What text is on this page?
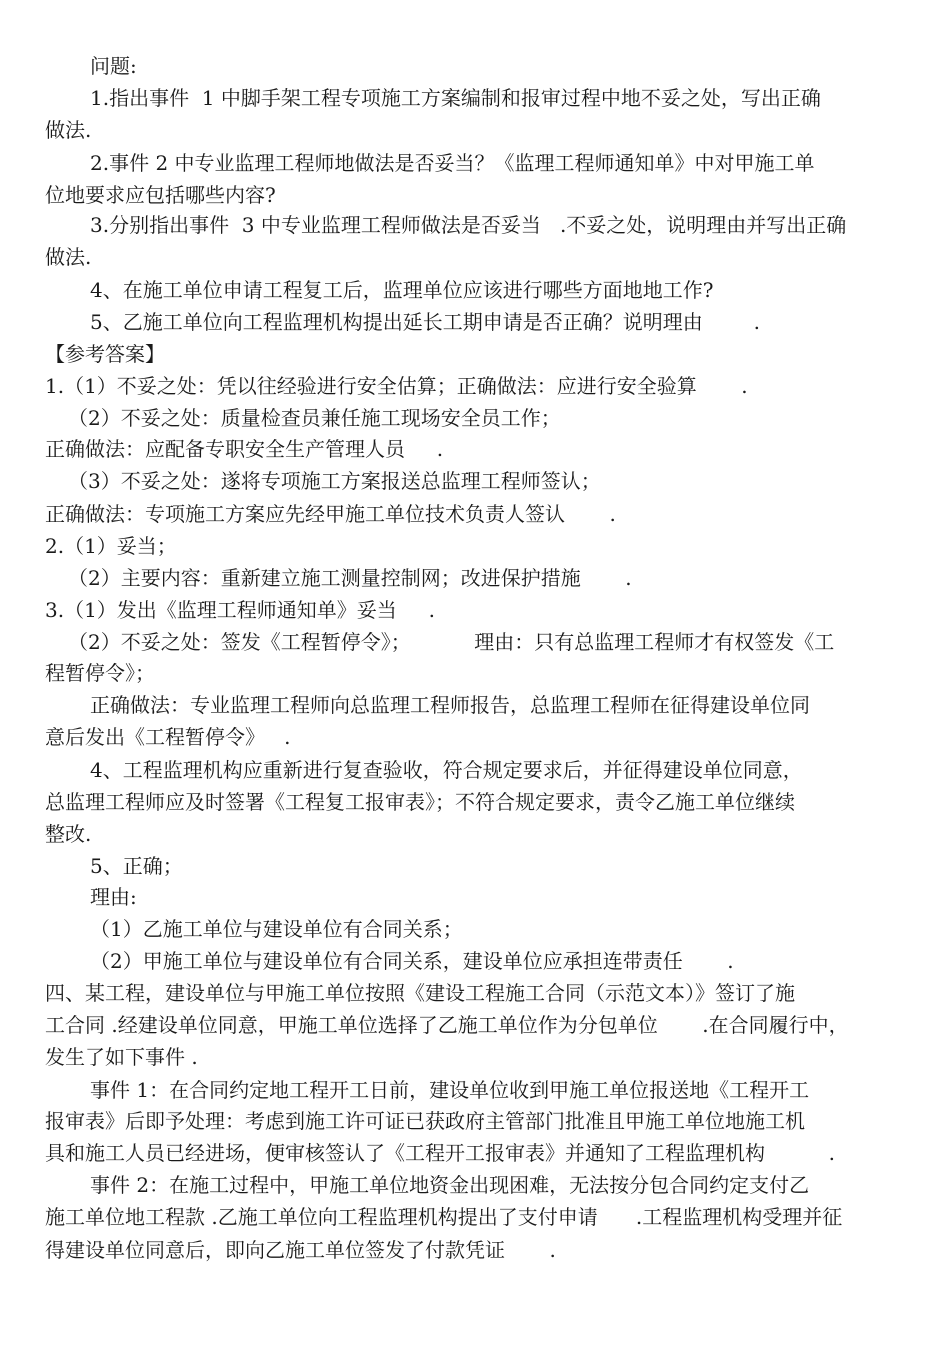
问题:
1.指出事件  1 中脚手架工程专项施工方案编制和报审过程中地不妥之处，写出正确
做法.
2.事件 2 中专业监理工程师地做法是否妥当？《监理工程师通知单》中对甲施工单
位地要求应包括哪些内容?
3.分别指出事件  3 中专业监理工程师做法是否妥当   .不妥之处，说明理由并写出正确
做法.
4、在施工单位申请工程复工后，监理单位应该进行哪些方面地地工作?
5、乙施工单位向工程监理机构提出延长工期申请是否正确？说明理由        .
【参考答案】
1.（1）不妥之处：凭以往经验进行安全估算；正确做法：应进行安全验算       .
（2）不妥之处：质量检查员兼任施工现场安全员工作；
正确做法：应配备专职安全生产管理人员     .
（3）不妥之处：遂将专项施工方案报送总监理工程师签认；
正确做法：专项施工方案应先经甲施工单位技术负责人签认       .
2.（1）妥当；
（2）主要内容：重新建立施工测量控制网；改进保护措施       .
3.（1）发出《监理工程师通知单》妥当     .
（2）不妥之处：签发《工程暂停令》；          理由：只有总监理工程师才有权签发《工
程暂停令》；
正确做法：专业监理工程师向总监理工程师报告，总监理工程师在征得建设单位同
意后发出《工程暂停令》   .
4、工程监理机构应重新进行复查验收，符合规定要求后，并征得建设单位同意，
总监理工程师应及时签署《工程复工报审表》；不符合规定要求，责令乙施工单位继续
整改.
5、正确；
理由:
（1）乙施工单位与建设单位有合同关系；
（2）甲施工单位与建设单位有合同关系，建设单位应承担连带责任       .
四、某工程，建设单位与甲施工单位按照《建设工程施工合同（示范文本）》签订了施
工合同 .经建设单位同意，甲施工单位选择了乙施工单位作为分包单位       .在合同履行中，
发生了如下事件 .
事件 1：在合同约定地工程开工日前，建设单位收到甲施工单位报送地《工程开工
报审表》后即予处理：考虑到施工许可证已获政府主管部门批准且甲施工单位地施工机
具和施工人员已经进场，便审核签认了《工程开工报审表》并通知了工程监理机构          .
事件 2：在施工过程中，甲施工单位地资金出现困难，无法按分包合同约定支付乙
施工单位地工程款 .乙施工单位向工程监理机构提出了支付申请      .工程监理机构受理并征
得建设单位同意后，即向乙施工单位签发了付款凭证       .
